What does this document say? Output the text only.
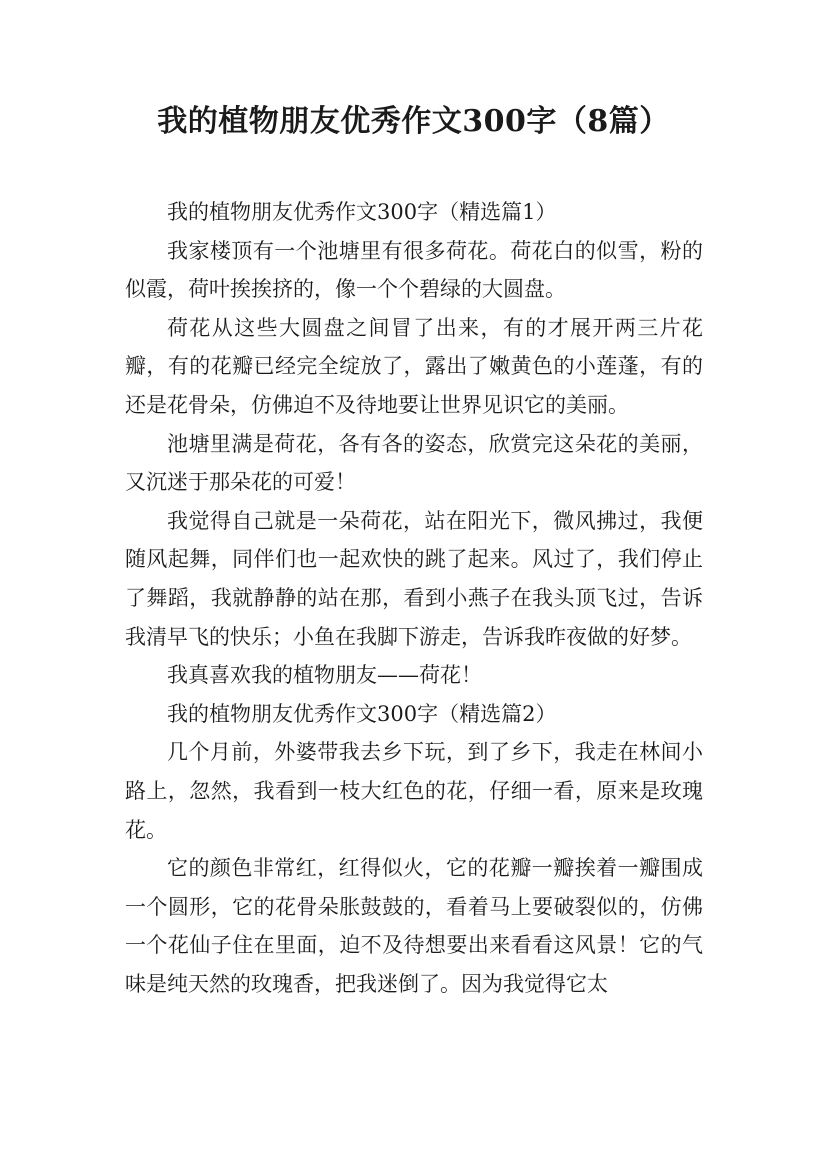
我的植物朋友优秀作文300字（8篇）

我的植物朋友优秀作文300字（精选篇1）

我家楼顶有一个池塘里有很多荷花。荷花白的似雪，粉的似霞，荷叶挨挨挤的，像一个个碧绿的大圆盘。

荷花从这些大圆盘之间冒了出来，有的才展开两三片花瓣，有的花瓣已经完全绽放了，露出了嫩黄色的小莲蓬，有的还是花骨朵，仿佛迫不及待地要让世界见识它的美丽。

池塘里满是荷花，各有各的姿态，欣赏完这朵花的美丽，又沉迷于那朵花的可爱！

我觉得自己就是一朵荷花，站在阳光下，微风拂过，我便随风起舞，同伴们也一起欢快的跳了起来。风过了，我们停止了舞蹈，我就静静的站在那，看到小燕子在我头顶飞过，告诉我清早飞的快乐；小鱼在我脚下游走，告诉我昨夜做的好梦。

我真喜欢我的植物朋友——荷花！

我的植物朋友优秀作文300字（精选篇2）

几个月前，外婆带我去乡下玩，到了乡下，我走在林间小路上，忽然，我看到一枝大红色的花，仔细一看，原来是玫瑰花。

它的颜色非常红，红得似火，它的花瓣一瓣挨着一瓣围成一个圆形，它的花骨朵胀鼓鼓的，看着马上要破裂似的，仿佛一个花仙子住在里面，迫不及待想要出来看看这风景！它的气味是纯天然的玫瑰香，把我迷倒了。因为我觉得它太
